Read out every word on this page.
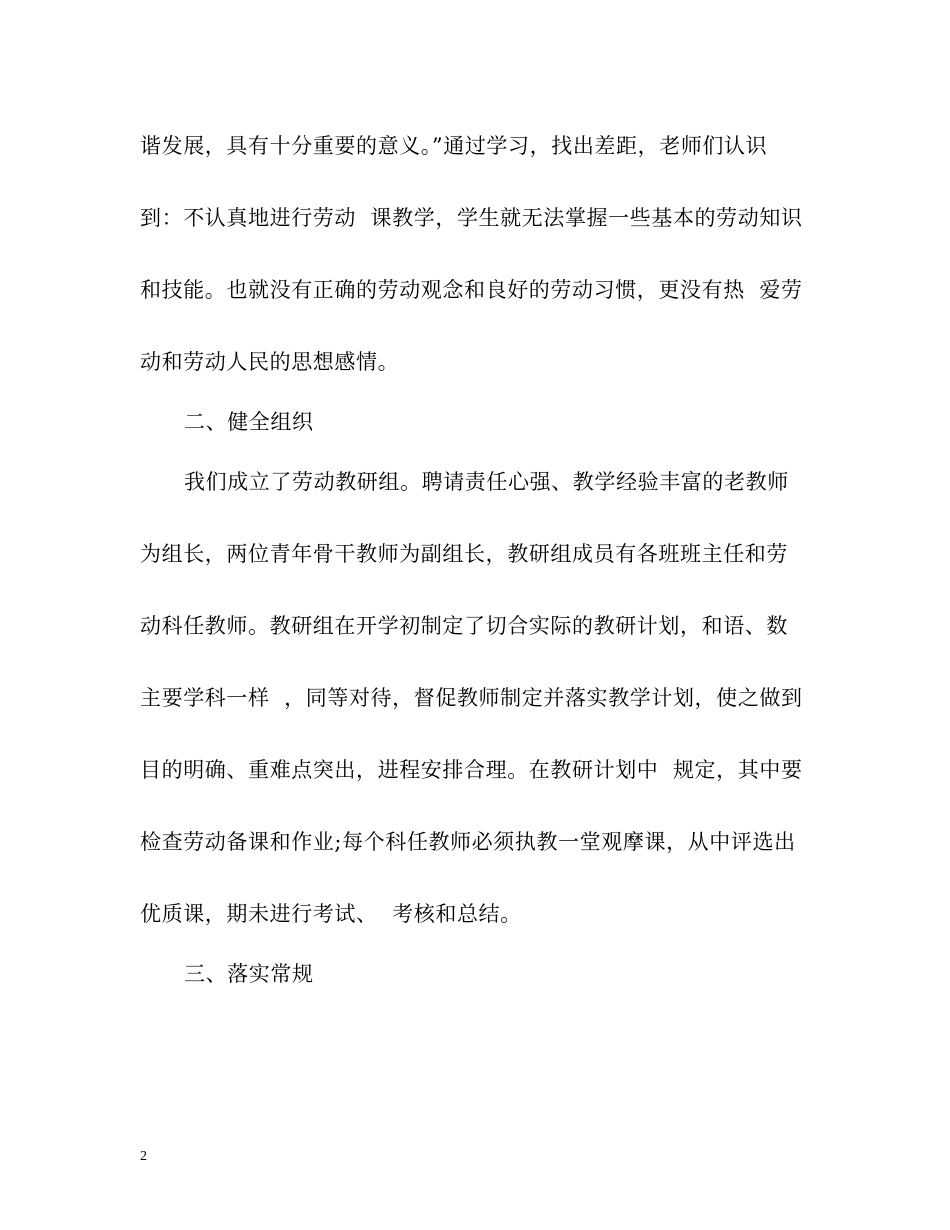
谐发展，具有十分重要的意义。”通过学习，找出差距，老师们认识
到：不认真地进行劳动  课教学，学生就无法掌握一些基本的劳动知识
和技能。也就没有正确的劳动观念和良好的劳动习惯，更没有热  爱劳
动和劳动人民的思想感情。
二、健全组织
我们成立了劳动教研组。聘请责任心强、教学经验丰富的老教师
为组长，两位青年骨干教师为副组长，教研组成员有各班班主任和劳
动科任教师。教研组在开学初制定了切合实际的教研计划，和语、数
主要学科一样  ，同等对待，督促教师制定并落实教学计划，使之做到
目的明确、重难点突出，进程安排合理。在教研计划中  规定，其中要
检查劳动备课和作业;每个科任教师必须执教一堂观摩课，从中评选出
优质课，期未进行考试、  考核和总结。
三、落实常规
2
